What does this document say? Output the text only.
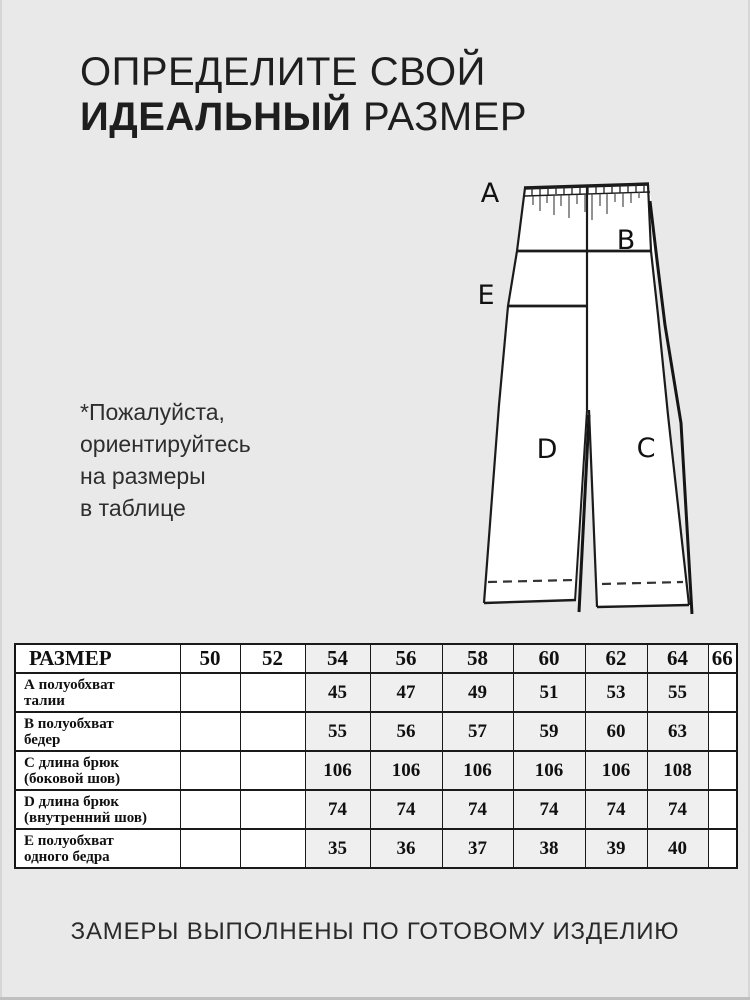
ОПРЕДЕЛИТЕ СВОЙ
ИДЕАЛЬНЫЙ РАЗМЕР
*Пожалуйста,
ориентируйтесь
на размеры
в таблице
A
B
E
D	C
РАЗМЕР	50	52	54	56	58	60	62	64	66

А полуобхват
талии			45	47	49	51	53	55	

В полуобхват
бедер			55	56	57	59	60	63	

С длина брюк
(боковой шов)			106	106	106	106	106	108	

D длина брюк
(внутренний шов)			74	74	74	74	74	74	

Е полуобхват
одного бедра			35	36	37	38	39	40	
ЗАМЕРЫ ВЫПОЛНЕНЫ ПО ГОТОВОМУ ИЗДЕЛИЮ
